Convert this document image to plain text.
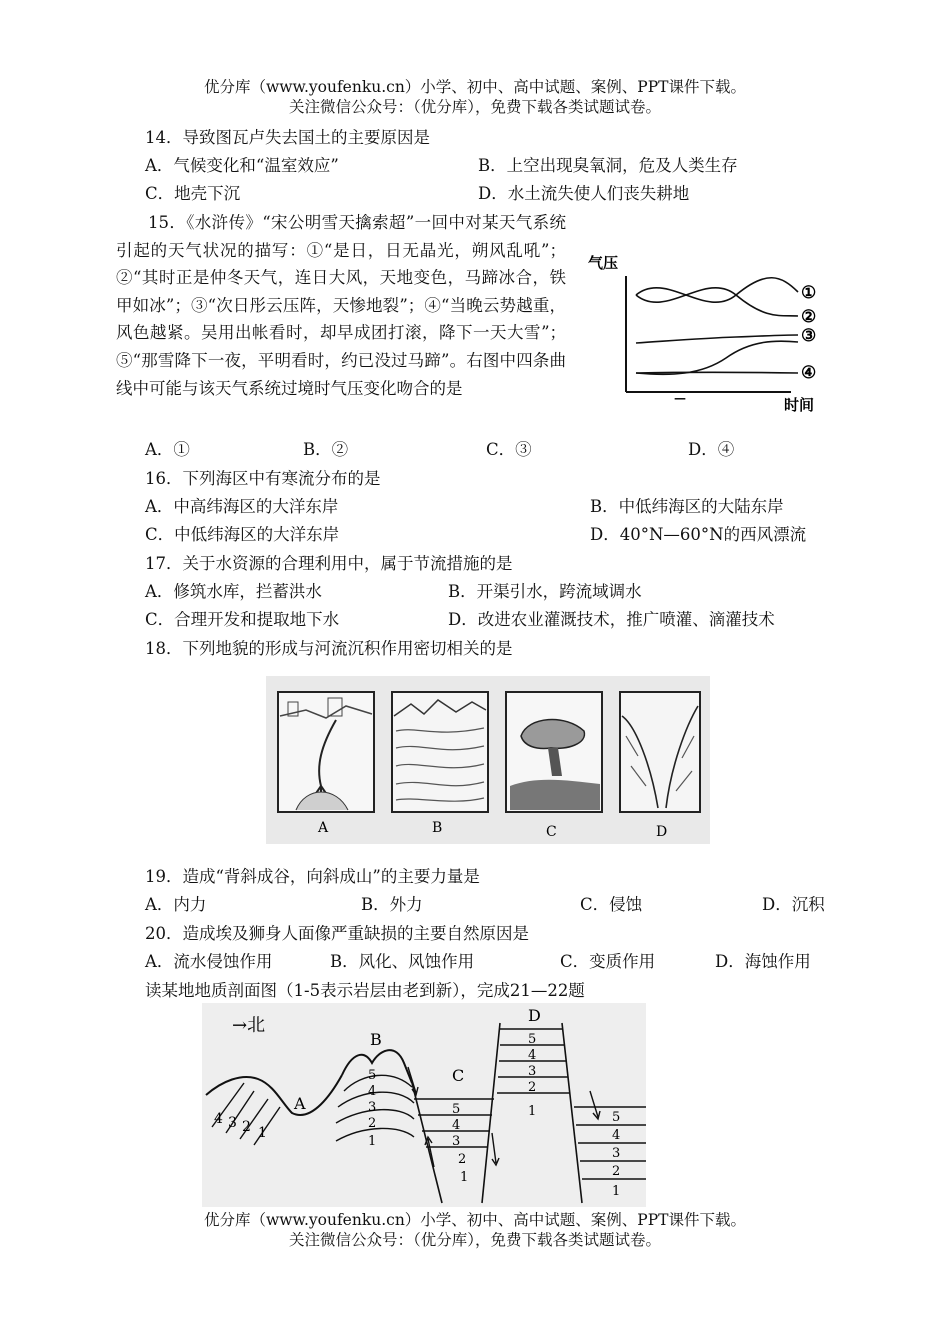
优分库（www.youfenku.cn）小学、初中、高中试题、案例、PPT课件下载。
关注微信公众号：（优分库），免费下载各类试题试卷。
14．导致图瓦卢失去国土的主要原因是
A．气候变化和“温室效应”	B．上空出现臭氧洞，危及人类生存
C．地壳下沉	D．水土流失使人们丧失耕地
15．《水浒传》“宋公明雪天擒索超”一回中对某天气系统引起的天气状况的描写：①“是日，日无晶光，朔风乱吼”；②“其时正是仲冬天气，连日大风，天地变色，马蹄冰合，铁甲如冰”；③“次日彤云压阵，天惨地裂”；④“当晚云势越重，风色越紧。吴用出帐看时，却早成团打滚，降下一天大雪”；⑤“那雪降下一夜，平明看时，约已没过马蹄”。右图中四条曲线中可能与该天气系统过境时气压变化吻合的是
气压
①
②
③
④
—	时间
A．①	B．②	C．③	D．④
16．下列海区中有寒流分布的是
A．中高纬海区的大洋东岸	B．中低纬海区的大陆东岸
C．中低纬海区的大洋东岸	D．40°N—60°N的西风漂流
17．关于水资源的合理利用中，属于节流措施的是
A．修筑水库，拦蓄洪水	B．开渠引水，跨流域调水
C．合理开发和提取地下水	D．改进农业灌溉技术，推广喷灌、滴灌技术
18．下列地貌的形成与河流沉积作用密切相关的是
A	B	C	D
19．造成“背斜成谷，向斜成山”的主要力量是
A．内力	B．外力	C．侵蚀	D．沉积
20．造成埃及狮身人面像严重缺损的主要自然原因是
A．流水侵蚀作用	B．风化、风蚀作用	C．变质作用	D．海蚀作用
读某地地质剖面图（1-5表示岩层由老到新），完成21—22题
→北
4 3 2 1
A
B
5
4
3
2
1
C
5
4
3
2
1
D
5
4
3
2
1	5
4
3
2
1
优分库（www.youfenku.cn）小学、初中、高中试题、案例、PPT课件下载。
关注微信公众号：（优分库），免费下载各类试题试卷。
